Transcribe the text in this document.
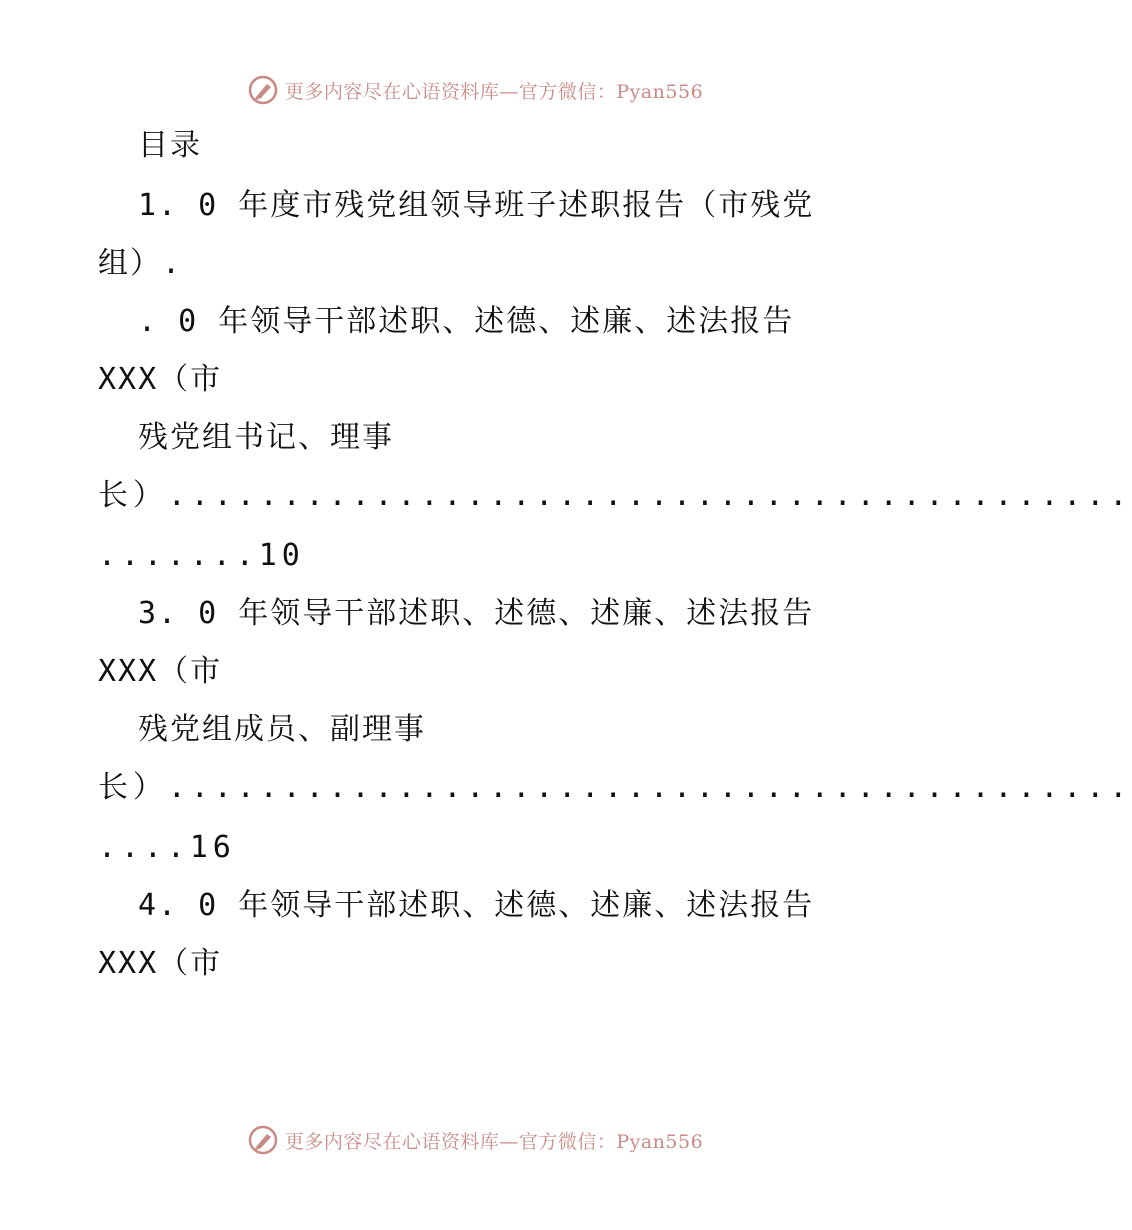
更多内容尽在心语资料库—官方微信：Pyan556
目录
1. 0 年度市残党组领导班子述职报告（市残党
组）.
. 0 年领导干部述职、述德、述廉、述法报告
XXX（市
残党组书记、理事
长）..........................................
.......10
3. 0 年领导干部述职、述德、述廉、述法报告
XXX（市
残党组成员、副理事
长）..........................................
....16
4. 0 年领导干部述职、述德、述廉、述法报告
XXX（市
更多内容尽在心语资料库—官方微信：Pyan556
